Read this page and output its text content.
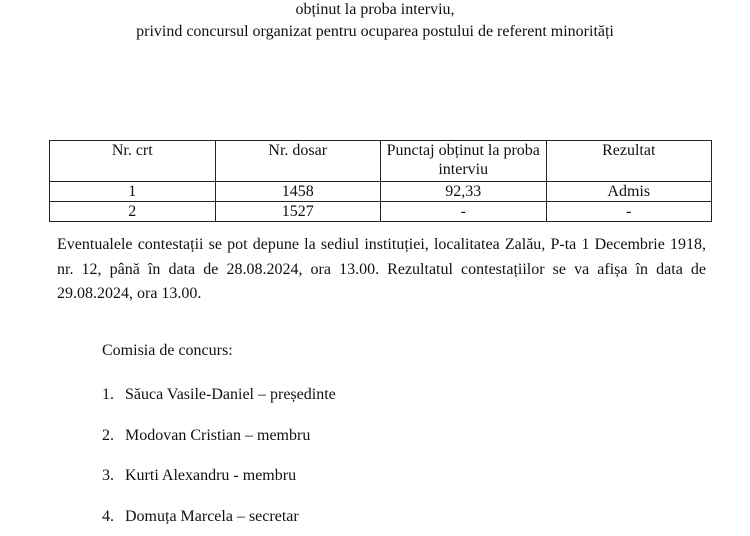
obținut la proba interviu,
privind concursul organizat pentru ocuparea postului de referent minorități
Nr. crt	Nr. dosar	Punctaj obținut la proba interviu	Rezultat
1	1458	92,33	Admis
2	1527	-	-
Eventualele contestații se pot depune la sediul instituției, localitatea Zalău, P-ta 1 Decembrie 1918, nr. 12, până în data de 28.08.2024, ora 13.00. Rezultatul contestațiilor se va afișa în data de 29.08.2024, ora 13.00.
Comisia de concurs:
1. Săuca Vasile-Daniel – președinte
2. Modovan Cristian – membru
3. Kurti Alexandru - membru
4. Domuța Marcela – secretar
